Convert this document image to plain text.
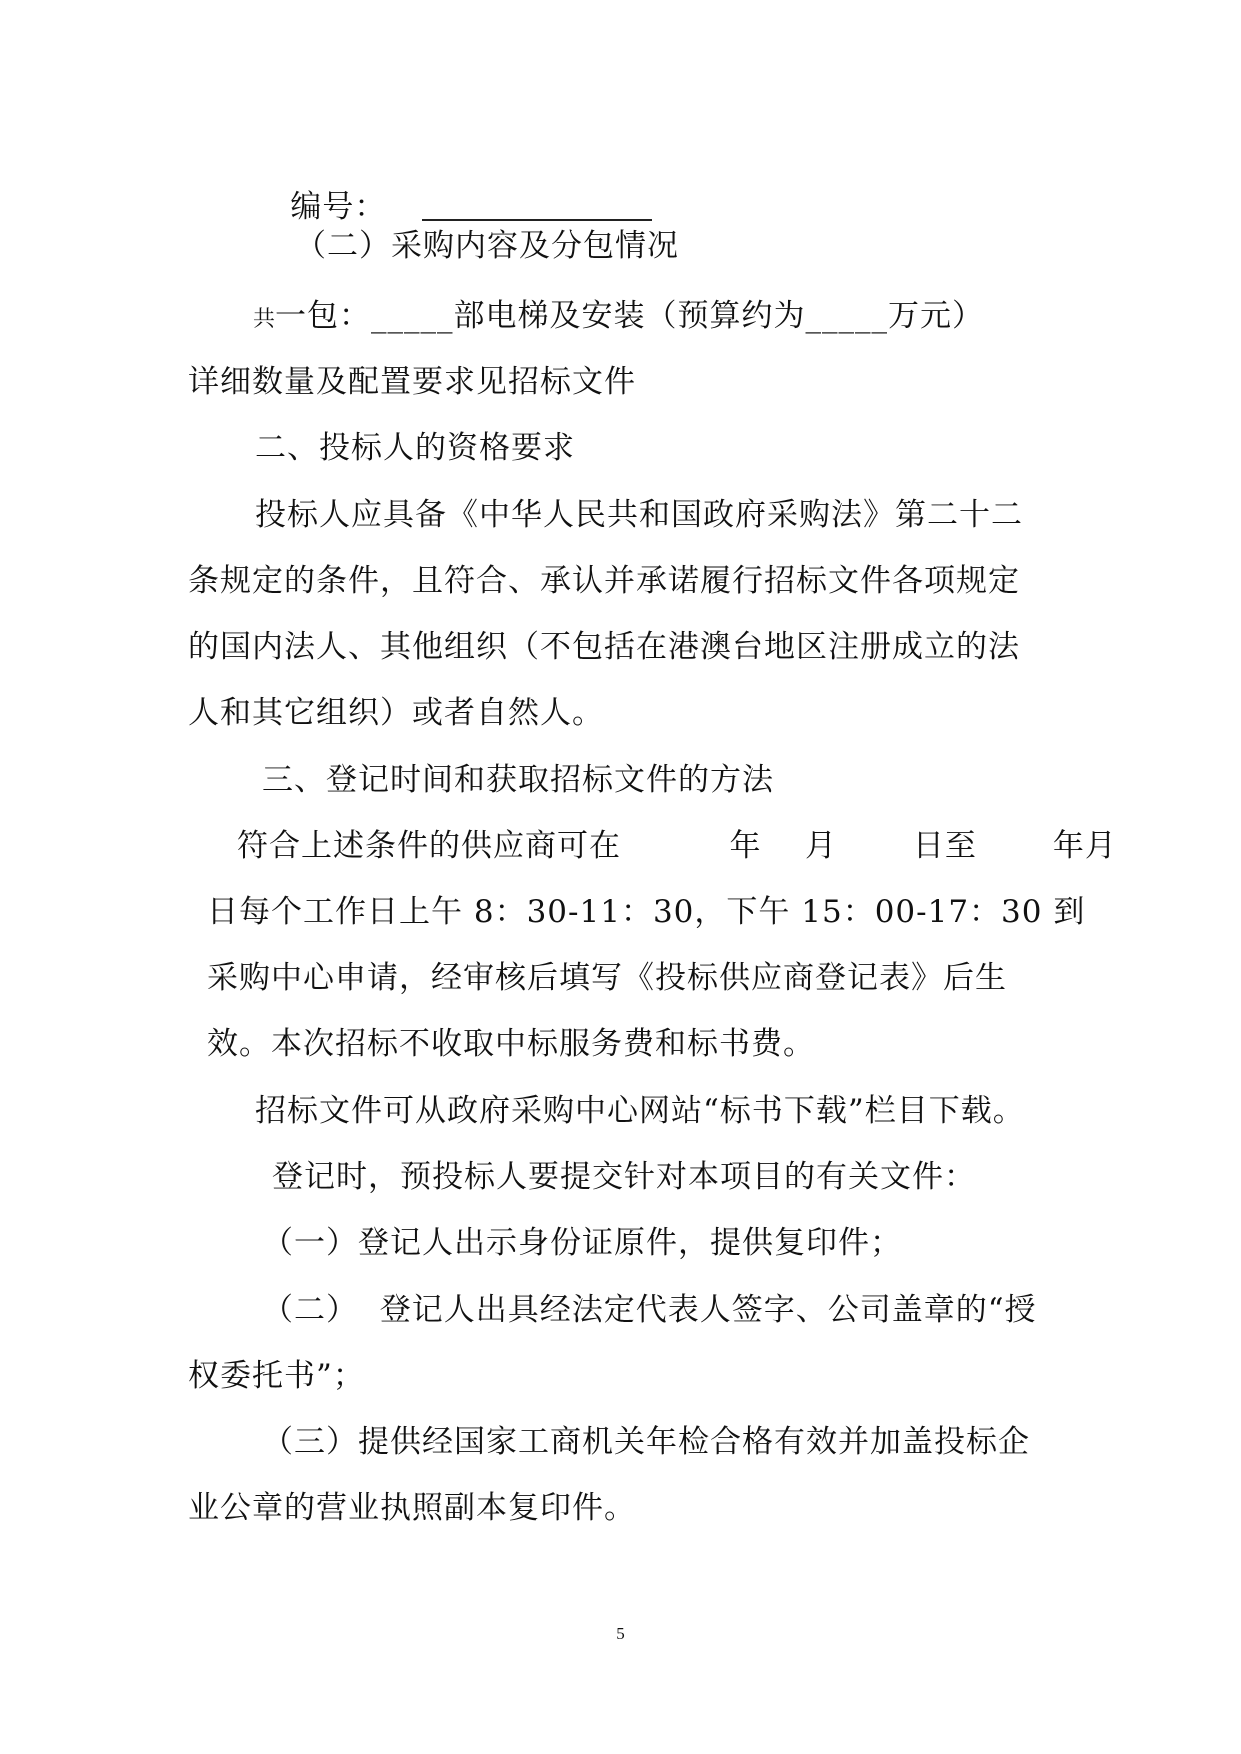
编号：

（二）采购内容及分包情况
共一包：_____部电梯及安装（预算约为_____万元）
详细数量及配置要求见招标文件
二、投标人的资格要求
投标人应具备《中华人民共和国政府采购法》第二十二
条规定的条件，且符合、承认并承诺履行招标文件各项规定
的国内法人、其他组织（不包括在港澳台地区注册成立的法
人和其它组织）或者自然人。
三、登记时间和获取招标文件的方法
符合上述条件的供应商可在          年    月       日至       年月
日每个工作日上午 8：30-11：30，下午 15：00-17：30 到
采购中心申请，经审核后填写《投标供应商登记表》后生
效。本次招标不收取中标服务费和标书费。
招标文件可从政府采购中心网站“标书下载”栏目下载。
登记时，预投标人要提交针对本项目的有关文件：
（一）登记人出示身份证原件，提供复印件；
（二）  登记人出具经法定代表人签字、公司盖章的“授
权委托书”；
（三）提供经国家工商机关年检合格有效并加盖投标企
业公章的营业执照副本复印件。
5
